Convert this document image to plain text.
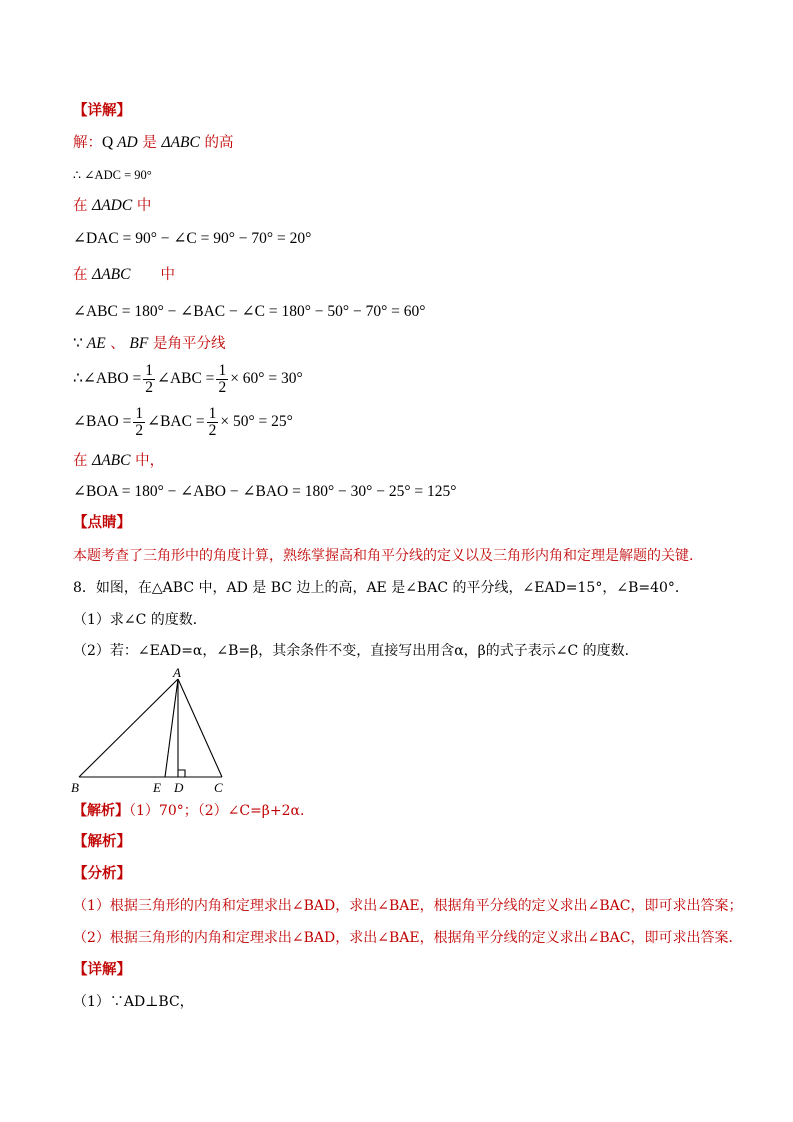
【详解】
解：Q AD 是 ΔABC 的高
∴ ∠ADC = 90°
在 ΔADC 中
∠DAC = 90° − ∠C = 90° − 70° = 20°
在 ΔABC 中
∠ABC = 180° − ∠BAC − ∠C = 180° − 50° − 70° = 60°
∵ AE 、 BF 是角平分线
∴∠ABO = $\frac{1}{2}$ ∠ABC = $\frac{1}{2} \times 60^\circ = 30^\circ$
∠BAO = $\frac{1}{2}$ ∠BAC = $\frac{1}{2} \times 50^\circ = 25^\circ$
在 ΔABC 中，
∠BOA = 180° − ∠ABO − ∠BAO = 180° − 30° − 25° = 125°
【点睛】
本题考查了三角形中的角度计算，熟练掌握高和角平分线的定义以及三角形内角和定理是解题的关键.
8．如图，在△ABC 中，AD 是 BC 边上的高，AE 是∠BAC 的平分线，∠EAD=15°，∠B=40°．
（1）求∠C 的度数．
（2）若：∠EAD=α，∠B=β，其余条件不变，直接写出用含α，β的式子表示∠C 的度数．
A
B	E D C
【解析】（1）70°；（2）∠C=β+2α．
【解析】
【分析】
（1）根据三角形的内角和定理求出∠BAD，求出∠BAE，根据角平分线的定义求出∠BAC，即可求出答案；
（2）根据三角形的内角和定理求出∠BAD，求出∠BAE，根据角平分线的定义求出∠BAC，即可求出答案．
【详解】
（1）∵AD⊥BC，
